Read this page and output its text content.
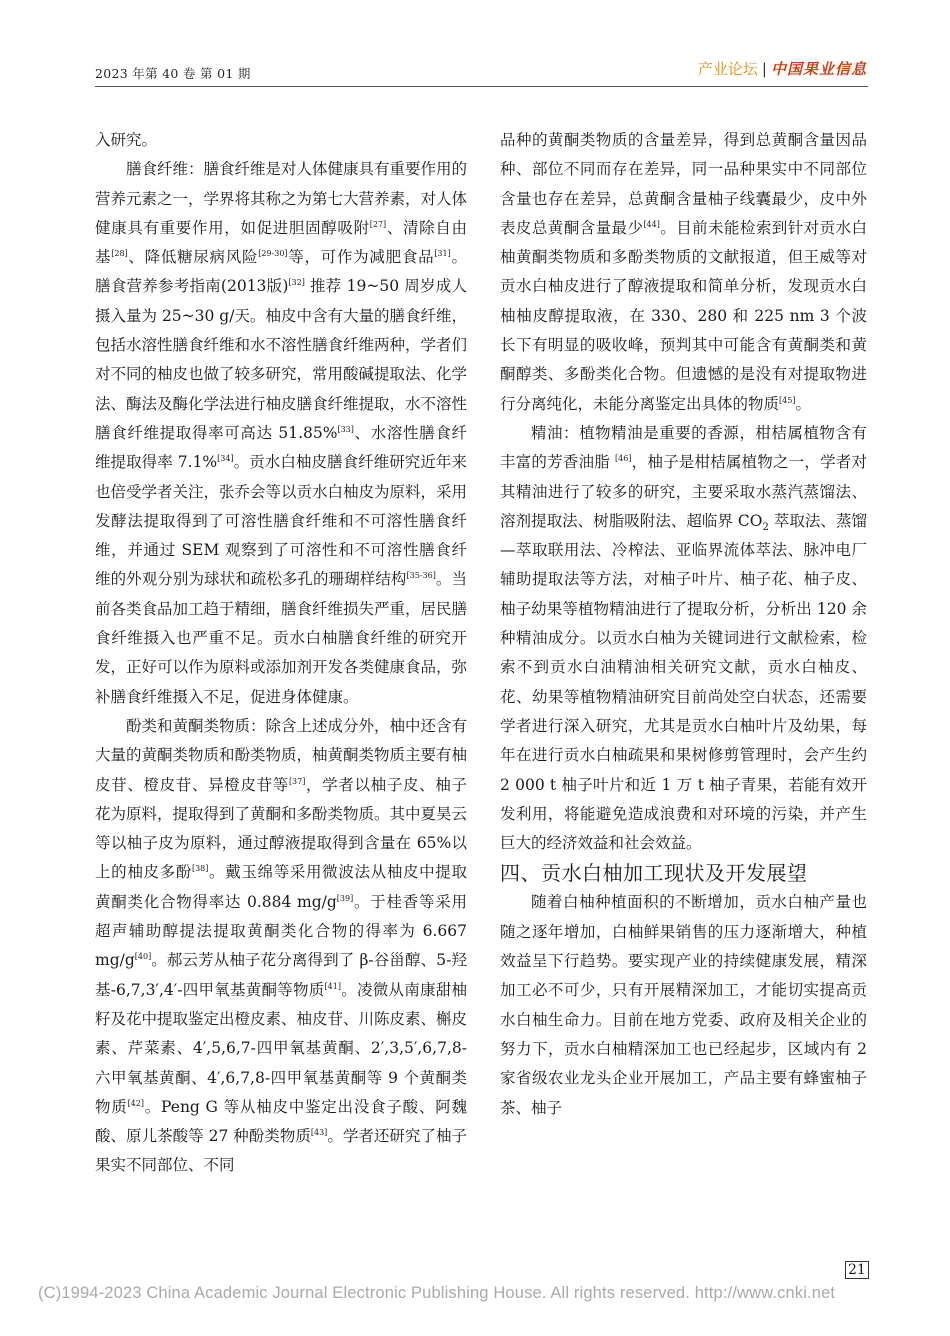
2023 年第 40 卷 第 01 期	产业论坛 | 中国果业信息

入研究。

膳食纤维：膳食纤维是对人体健康具有重要作用的营养元素之一，学界将其称之为第七大营养素，对人体健康具有重要作用，如促进胆固醇吸附[27]、清除自由基[28]、降低糖尿病风险[29-30]等，可作为减肥食品[31]。膳食营养参考指南(2013版)[32] 推荐 19~50 周岁成人摄入量为 25~30 g/天。柚皮中含有大量的膳食纤维，包括水溶性膳食纤维和水不溶性膳食纤维两种，学者们对不同的柚皮也做了较多研究，常用酸碱提取法、化学法、酶法及酶化学法进行柚皮膳食纤维提取，水不溶性膳食纤维提取得率可高达 51.85%[33]、水溶性膳食纤维提取得率 7.1%[34]。贡水白柚皮膳食纤维研究近年来也倍受学者关注，张乔会等以贡水白柚皮为原料，采用发酵法提取得到了可溶性膳食纤维和不可溶性膳食纤维，并通过 SEM 观察到了可溶性和不可溶性膳食纤维的外观分别为球状和疏松多孔的珊瑚样结构[35-36]。当前各类食品加工趋于精细，膳食纤维损失严重，居民膳食纤维摄入也严重不足。贡水白柚膳食纤维的研究开发，正好可以作为原料或添加剂开发各类健康食品，弥补膳食纤维摄入不足，促进身体健康。

酚类和黄酮类物质：除含上述成分外，柚中还含有大量的黄酮类物质和酚类物质，柚黄酮类物质主要有柚皮苷、橙皮苷、异橙皮苷等[37]，学者以柚子皮、柚子花为原料，提取得到了黄酮和多酚类物质。其中夏昊云等以柚子皮为原料，通过醇液提取得到含量在 65%以上的柚皮多酚[38]。戴玉绵等采用微波法从柚皮中提取黄酮类化合物得率达 0.884 mg/g[39]。于桂香等采用超声辅助醇提法提取黄酮类化合物的得率为 6.667 mg/g[40]。郝云芳从柚子花分离得到了 β-谷甾醇、5-羟基-6,7,3′,4′-四甲氧基黄酮等物质[41]。凌微从南康甜柚籽及花中提取鉴定出橙皮素、柚皮苷、川陈皮素、槲皮素、芹菜素、4′,5,6,7-四甲氧基黄酮、2′,3,5′,6,7,8-六甲氧基黄酮、4′,6,7,8-四甲氧基黄酮等 9 个黄酮类物质[42]。Peng G 等从柚皮中鉴定出没食子酸、阿魏酸、原儿茶酸等 27 种酚类物质[43]。学者还研究了柚子果实不同部位、不同

品种的黄酮类物质的含量差异，得到总黄酮含量因品种、部位不同而存在差异，同一品种果实中不同部位含量也存在差异，总黄酮含量柚子线囊最少，皮中外表皮总黄酮含量最少[44]。目前未能检索到针对贡水白柚黄酮类物质和多酚类物质的文献报道，但王威等对贡水白柚皮进行了醇液提取和简单分析，发现贡水白柚柚皮醇提取液，在 330、280 和 225 nm 3 个波长下有明显的吸收峰，预判其中可能含有黄酮类和黄酮醇类、多酚类化合物。但遗憾的是没有对提取物进行分离纯化，未能分离鉴定出具体的物质[45]。

精油：植物精油是重要的香源，柑桔属植物含有丰富的芳香油脂 [46]，柚子是柑桔属植物之一，学者对其精油进行了较多的研究，主要采取水蒸汽蒸馏法、溶剂提取法、树脂吸附法、超临界 $CO_2$ 萃取法、蒸馏—萃取联用法、冷榨法、亚临界流体萃法、脉冲电厂辅助提取法等方法，对柚子叶片、柚子花、柚子皮、柚子幼果等植物精油进行了提取分析，分析出 120 余种精油成分。以贡水白柚为关键词进行文献检索，检索不到贡水白油精油相关研究文献，贡水白柚皮、花、幼果等植物精油研究目前尚处空白状态，还需要学者进行深入研究，尤其是贡水白柚叶片及幼果，每年在进行贡水白柚疏果和果树修剪管理时，会产生约 2 000 t 柚子叶片和近 1 万 t 柚子青果，若能有效开发利用，将能避免造成浪费和对环境的污染，并产生巨大的经济效益和社会效益。

四、贡水白柚加工现状及开发展望

随着白柚种植面积的不断增加，贡水白柚产量也随之逐年增加，白柚鲜果销售的压力逐渐增大，种植效益呈下行趋势。要实现产业的持续健康发展，精深加工必不可少，只有开展精深加工，才能切实提高贡水白柚生命力。目前在地方党委、政府及相关企业的努力下，贡水白柚精深加工也已经起步，区域内有 2 家省级农业龙头企业开展加工，产品主要有蜂蜜柚子茶、柚子

21
(C)1994-2023 China Academic Journal Electronic Publishing House. All rights reserved. http://www.cnki.net
